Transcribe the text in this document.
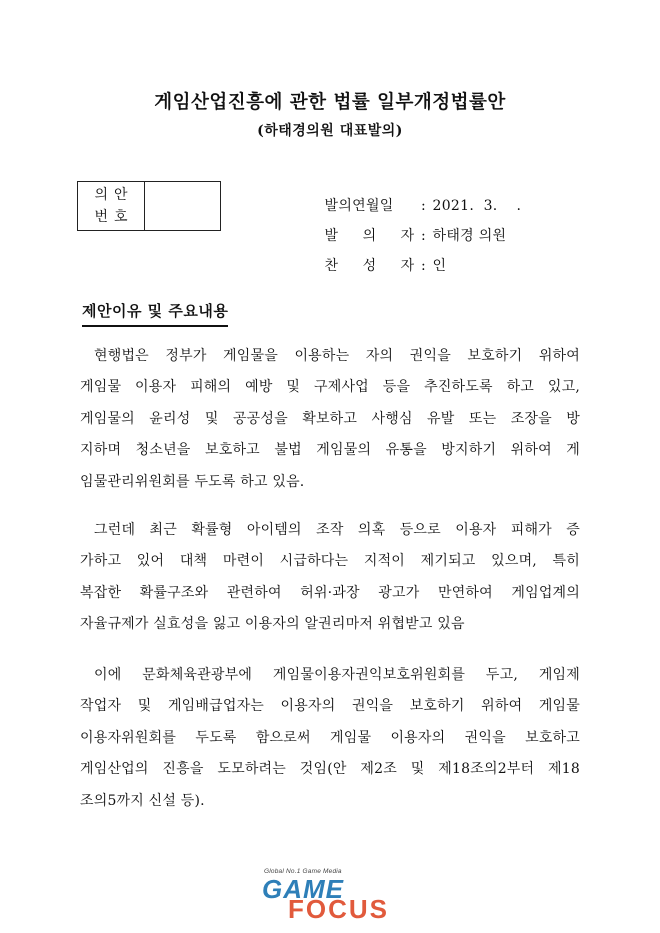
게임산업진흥에 관한 법률 일부개정법률안
(하태경의원 대표발의)
의안
번호

발의연월일 : 2021.  3.    .

발 의 자 : 하태경 의원

찬 성 자 : 인

제안이유 및 주요내용
현행법은 정부가 게임물을 이용하는 자의 권익을 보호하기 위하여
게임물 이용자 피해의 예방 및 구제사업 등을 추진하도록 하고 있고,
게임물의 윤리성 및 공공성을 확보하고 사행심 유발 또는 조장을 방
지하며 청소년을 보호하고 불법 게임물의 유통을 방지하기 위하여 게
임물관리위원회를 두도록 하고 있음.
그런데 최근 확률형 아이템의 조작 의혹 등으로 이용자 피해가 증
가하고 있어 대책 마련이 시급하다는 지적이 제기되고 있으며, 특히
복잡한 확률구조와 관련하여 허위·과장 광고가 만연하여 게임업계의
자율규제가 실효성을 잃고 이용자의 알권리마저 위협받고 있음
이에 문화체육관광부에 게임물이용자권익보호위원회를 두고, 게임제
작업자 및 게임배급업자는 이용자의 권익을 보호하기 위하여 게임물
이용자위원회를 두도록 함으로써 게임물 이용자의 권익을 보호하고
게임산업의 진흥을 도모하려는 것임(안 제2조 및 제18조의2부터 제18
조의5까지 신설 등).
Global No.1 Game Media
GAME
FOCUS
